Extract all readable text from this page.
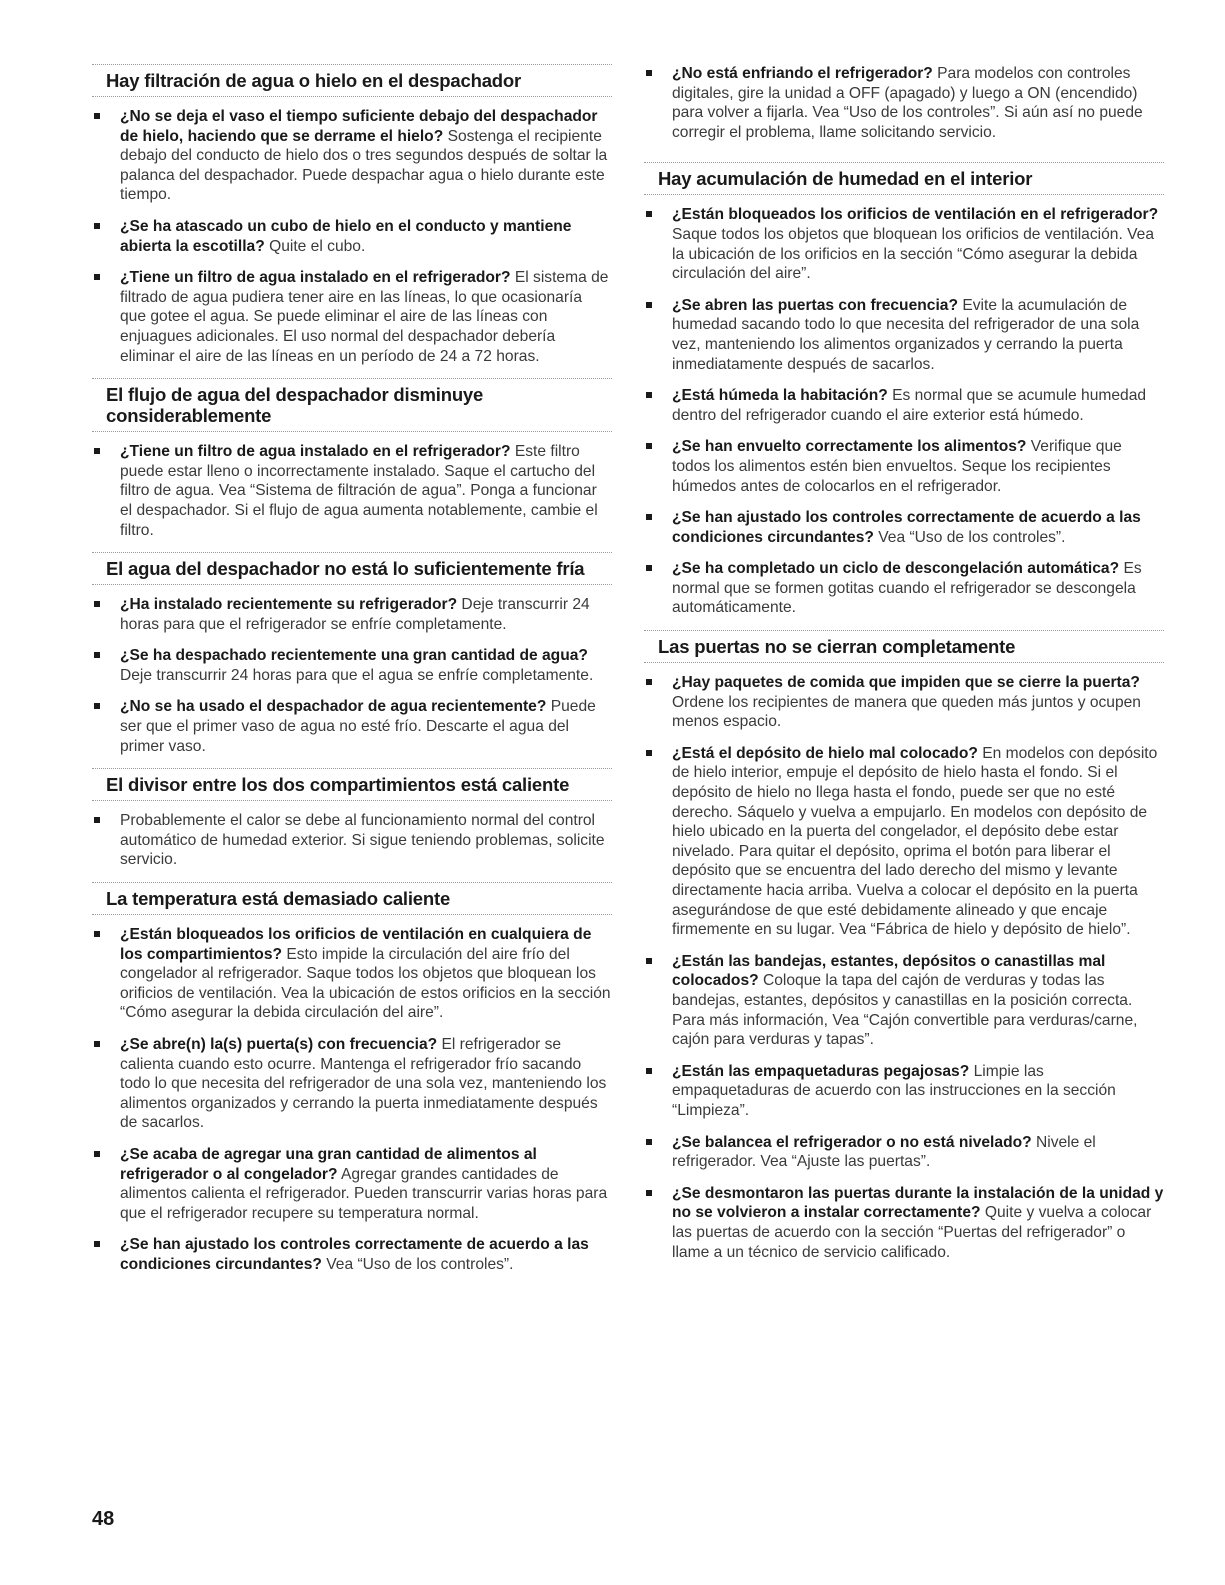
Hay filtración de agua o hielo en el despachador
¿No se deja el vaso el tiempo suficiente debajo del despachador de hielo, haciendo que se derrame el hielo? Sostenga el recipiente debajo del conducto de hielo dos o tres segundos después de soltar la palanca del despachador. Puede despachar agua o hielo durante este tiempo.
¿Se ha atascado un cubo de hielo en el conducto y mantiene abierta la escotilla? Quite el cubo.
¿Tiene un filtro de agua instalado en el refrigerador? El sistema de filtrado de agua pudiera tener aire en las líneas, lo que ocasionaría que gotee el agua. Se puede eliminar el aire de las líneas con enjuagues adicionales. El uso normal del despachador debería eliminar el aire de las líneas en un período de 24 a 72 horas.
El flujo de agua del despachador disminuye considerablemente
¿Tiene un filtro de agua instalado en el refrigerador? Este filtro puede estar lleno o incorrectamente instalado. Saque el cartucho del filtro de agua. Vea “Sistema de filtración de agua”. Ponga a funcionar el despachador. Si el flujo de agua aumenta notablemente, cambie el filtro.
El agua del despachador no está lo suficientemente fría
¿Ha instalado recientemente su refrigerador? Deje transcurrir 24 horas para que el refrigerador se enfríe completamente.
¿Se ha despachado recientemente una gran cantidad de agua? Deje transcurrir 24 horas para que el agua se enfríe completamente.
¿No se ha usado el despachador de agua recientemente? Puede ser que el primer vaso de agua no esté frío. Descarte el agua del primer vaso.
El divisor entre los dos compartimientos está caliente
Probablemente el calor se debe al funcionamiento normal del control automático de humedad exterior. Si sigue teniendo problemas, solicite servicio.
La temperatura está demasiado caliente
¿Están bloqueados los orificios de ventilación en cualquiera de los compartimientos? Esto impide la circulación del aire frío del congelador al refrigerador. Saque todos los objetos que bloquean los orificios de ventilación. Vea la ubicación de estos orificios en la sección “Cómo asegurar la debida circulación del aire”.
¿Se abre(n) la(s) puerta(s) con frecuencia? El refrigerador se calienta cuando esto ocurre. Mantenga el refrigerador frío sacando todo lo que necesita del refrigerador de una sola vez, manteniendo los alimentos organizados y cerrando la puerta inmediatamente después de sacarlos.
¿Se acaba de agregar una gran cantidad de alimentos al refrigerador o al congelador? Agregar grandes cantidades de alimentos calienta el refrigerador. Pueden transcurrir varias horas para que el refrigerador recupere su temperatura normal.
¿Se han ajustado los controles correctamente de acuerdo a las condiciones circundantes? Vea “Uso de los controles”.
¿No está enfriando el refrigerador? Para modelos con controles digitales, gire la unidad a OFF (apagado) y luego a ON (encendido) para volver a fijarla. Vea “Uso de los controles”. Si aún así no puede corregir el problema, llame solicitando servicio.
Hay acumulación de humedad en el interior
¿Están bloqueados los orificios de ventilación en el refrigerador? Saque todos los objetos que bloquean los orificios de ventilación. Vea la ubicación de los orificios en la sección “Cómo asegurar la debida circulación del aire”.
¿Se abren las puertas con frecuencia? Evite la acumulación de humedad sacando todo lo que necesita del refrigerador de una sola vez, manteniendo los alimentos organizados y cerrando la puerta inmediatamente después de sacarlos.
¿Está húmeda la habitación? Es normal que se acumule humedad dentro del refrigerador cuando el aire exterior está húmedo.
¿Se han envuelto correctamente los alimentos? Verifique que todos los alimentos estén bien envueltos. Seque los recipientes húmedos antes de colocarlos en el refrigerador.
¿Se han ajustado los controles correctamente de acuerdo a las condiciones circundantes? Vea “Uso de los controles”.
¿Se ha completado un ciclo de descongelación automática? Es normal que se formen gotitas cuando el refrigerador se descongela automáticamente.
Las puertas no se cierran completamente
¿Hay paquetes de comida que impiden que se cierre la puerta? Ordene los recipientes de manera que queden más juntos y ocupen menos espacio.
¿Está el depósito de hielo mal colocado? En modelos con depósito de hielo interior, empuje el depósito de hielo hasta el fondo. Si el depósito de hielo no llega hasta el fondo, puede ser que no esté derecho. Sáquelo y vuelva a empujarlo. En modelos con depósito de hielo ubicado en la puerta del congelador, el depósito debe estar nivelado. Para quitar el depósito, oprima el botón para liberar el depósito que se encuentra del lado derecho del mismo y levante directamente hacia arriba. Vuelva a colocar el depósito en la puerta asegurándose de que esté debidamente alineado y que encaje firmemente en su lugar. Vea “Fábrica de hielo y depósito de hielo”.
¿Están las bandejas, estantes, depósitos o canastillas mal colocados? Coloque la tapa del cajón de verduras y todas las bandejas, estantes, depósitos y canastillas en la posición correcta. Para más información, Vea “Cajón convertible para verduras/carne, cajón para verduras y tapas”.
¿Están las empaquetaduras pegajosas? Limpie las empaquetaduras de acuerdo con las instrucciones en la sección “Limpieza”.
¿Se balancea el refrigerador o no está nivelado? Nivele el refrigerador. Vea “Ajuste las puertas”.
¿Se desmontaron las puertas durante la instalación de la unidad y no se volvieron a instalar correctamente? Quite y vuelva a colocar las puertas de acuerdo con la sección “Puertas del refrigerador” o llame a un técnico de servicio calificado.
48
